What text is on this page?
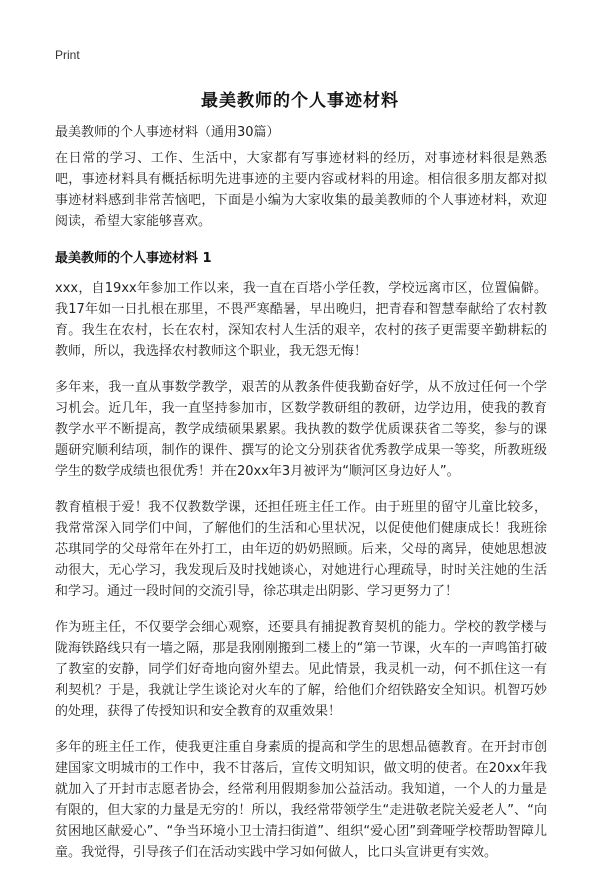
Print
最美教师的个人事迹材料
最美教师的个人事迹材料（通用30篇）

在日常的学习、工作、生活中，大家都有写事迹材料的经历，对事迹材料很是熟悉吧，事迹材料具有概括标明先进事迹的主要内容或材料的用途。相信很多朋友都对拟事迹材料感到非常苦恼吧，下面是小编为大家收集的最美教师的个人事迹材料，欢迎阅读，希望大家能够喜欢。

最美教师的个人事迹材料 1

xxx，自19xx年参加工作以来，我一直在百塔小学任教，学校远离市区，位置偏僻。我17年如一日扎根在那里，不畏严寒酷暑，早出晚归，把青春和智慧奉献给了农村教育。我生在农村，长在农村，深知农村人生活的艰辛，农村的孩子更需要辛勤耕耘的教师，所以，我选择农村教师这个职业，我无怨无悔！

多年来，我一直从事数学教学，艰苦的从教条件使我勤奋好学，从不放过任何一个学习机会。近几年，我一直坚持参加市，区数学教研组的教研，边学边用，使我的教育教学水平不断提高，教学成绩硕果累累。我执教的数学优质课获省二等奖，参与的课题研究顺利结项，制作的课件、撰写的论文分别获省优秀教学成果一等奖，所教班级学生的数学成绩也很优秀！并在20xx年3月被评为“顺河区身边好人”。

教育植根于爱！我不仅教数学课，还担任班主任工作。由于班里的留守儿童比较多，我常常深入同学们中间，了解他们的生活和心里状况，以促使他们健康成长！我班徐芯琪同学的父母常年在外打工，由年迈的奶奶照顾。后来，父母的离异，使她思想波动很大，无心学习，我发现后及时找她谈心，对她进行心理疏导，时时关注她的生活和学习。通过一段时间的交流引导，徐芯琪走出阴影、学习更努力了！

作为班主任，不仅要学会细心观察，还要具有捕捉教育契机的能力。学校的教学楼与陇海铁路线只有一墙之隔，那是我刚刚搬到二楼上的“第一节课，火车的一声鸣笛打破了教室的安静，同学们好奇地向窗外望去。见此情景，我灵机一动，何不抓住这一有利契机？于是，我就让学生谈论对火车的了解，给他们介绍铁路安全知识。机智巧妙的处理，获得了传授知识和安全教育的双重效果！

多年的班主任工作，使我更注重自身素质的提高和学生的思想品德教育。在开封市创建国家文明城市的工作中，我不甘落后，宣传文明知识，做文明的使者。在20xx年我就加入了开封市志愿者协会，经常利用假期参加公益活动。我知道，一个人的力量是有限的，但大家的力量是无穷的！所以，我经常带领学生“走进敬老院关爱老人”、“向贫困地区献爱心”、“争当环境小卫士清扫街道”、组织“爱心团”到聋哑学校帮助智障儿童。我觉得，引导孩子们在活动实践中学习如何做人，比口头宣讲更有实效。
